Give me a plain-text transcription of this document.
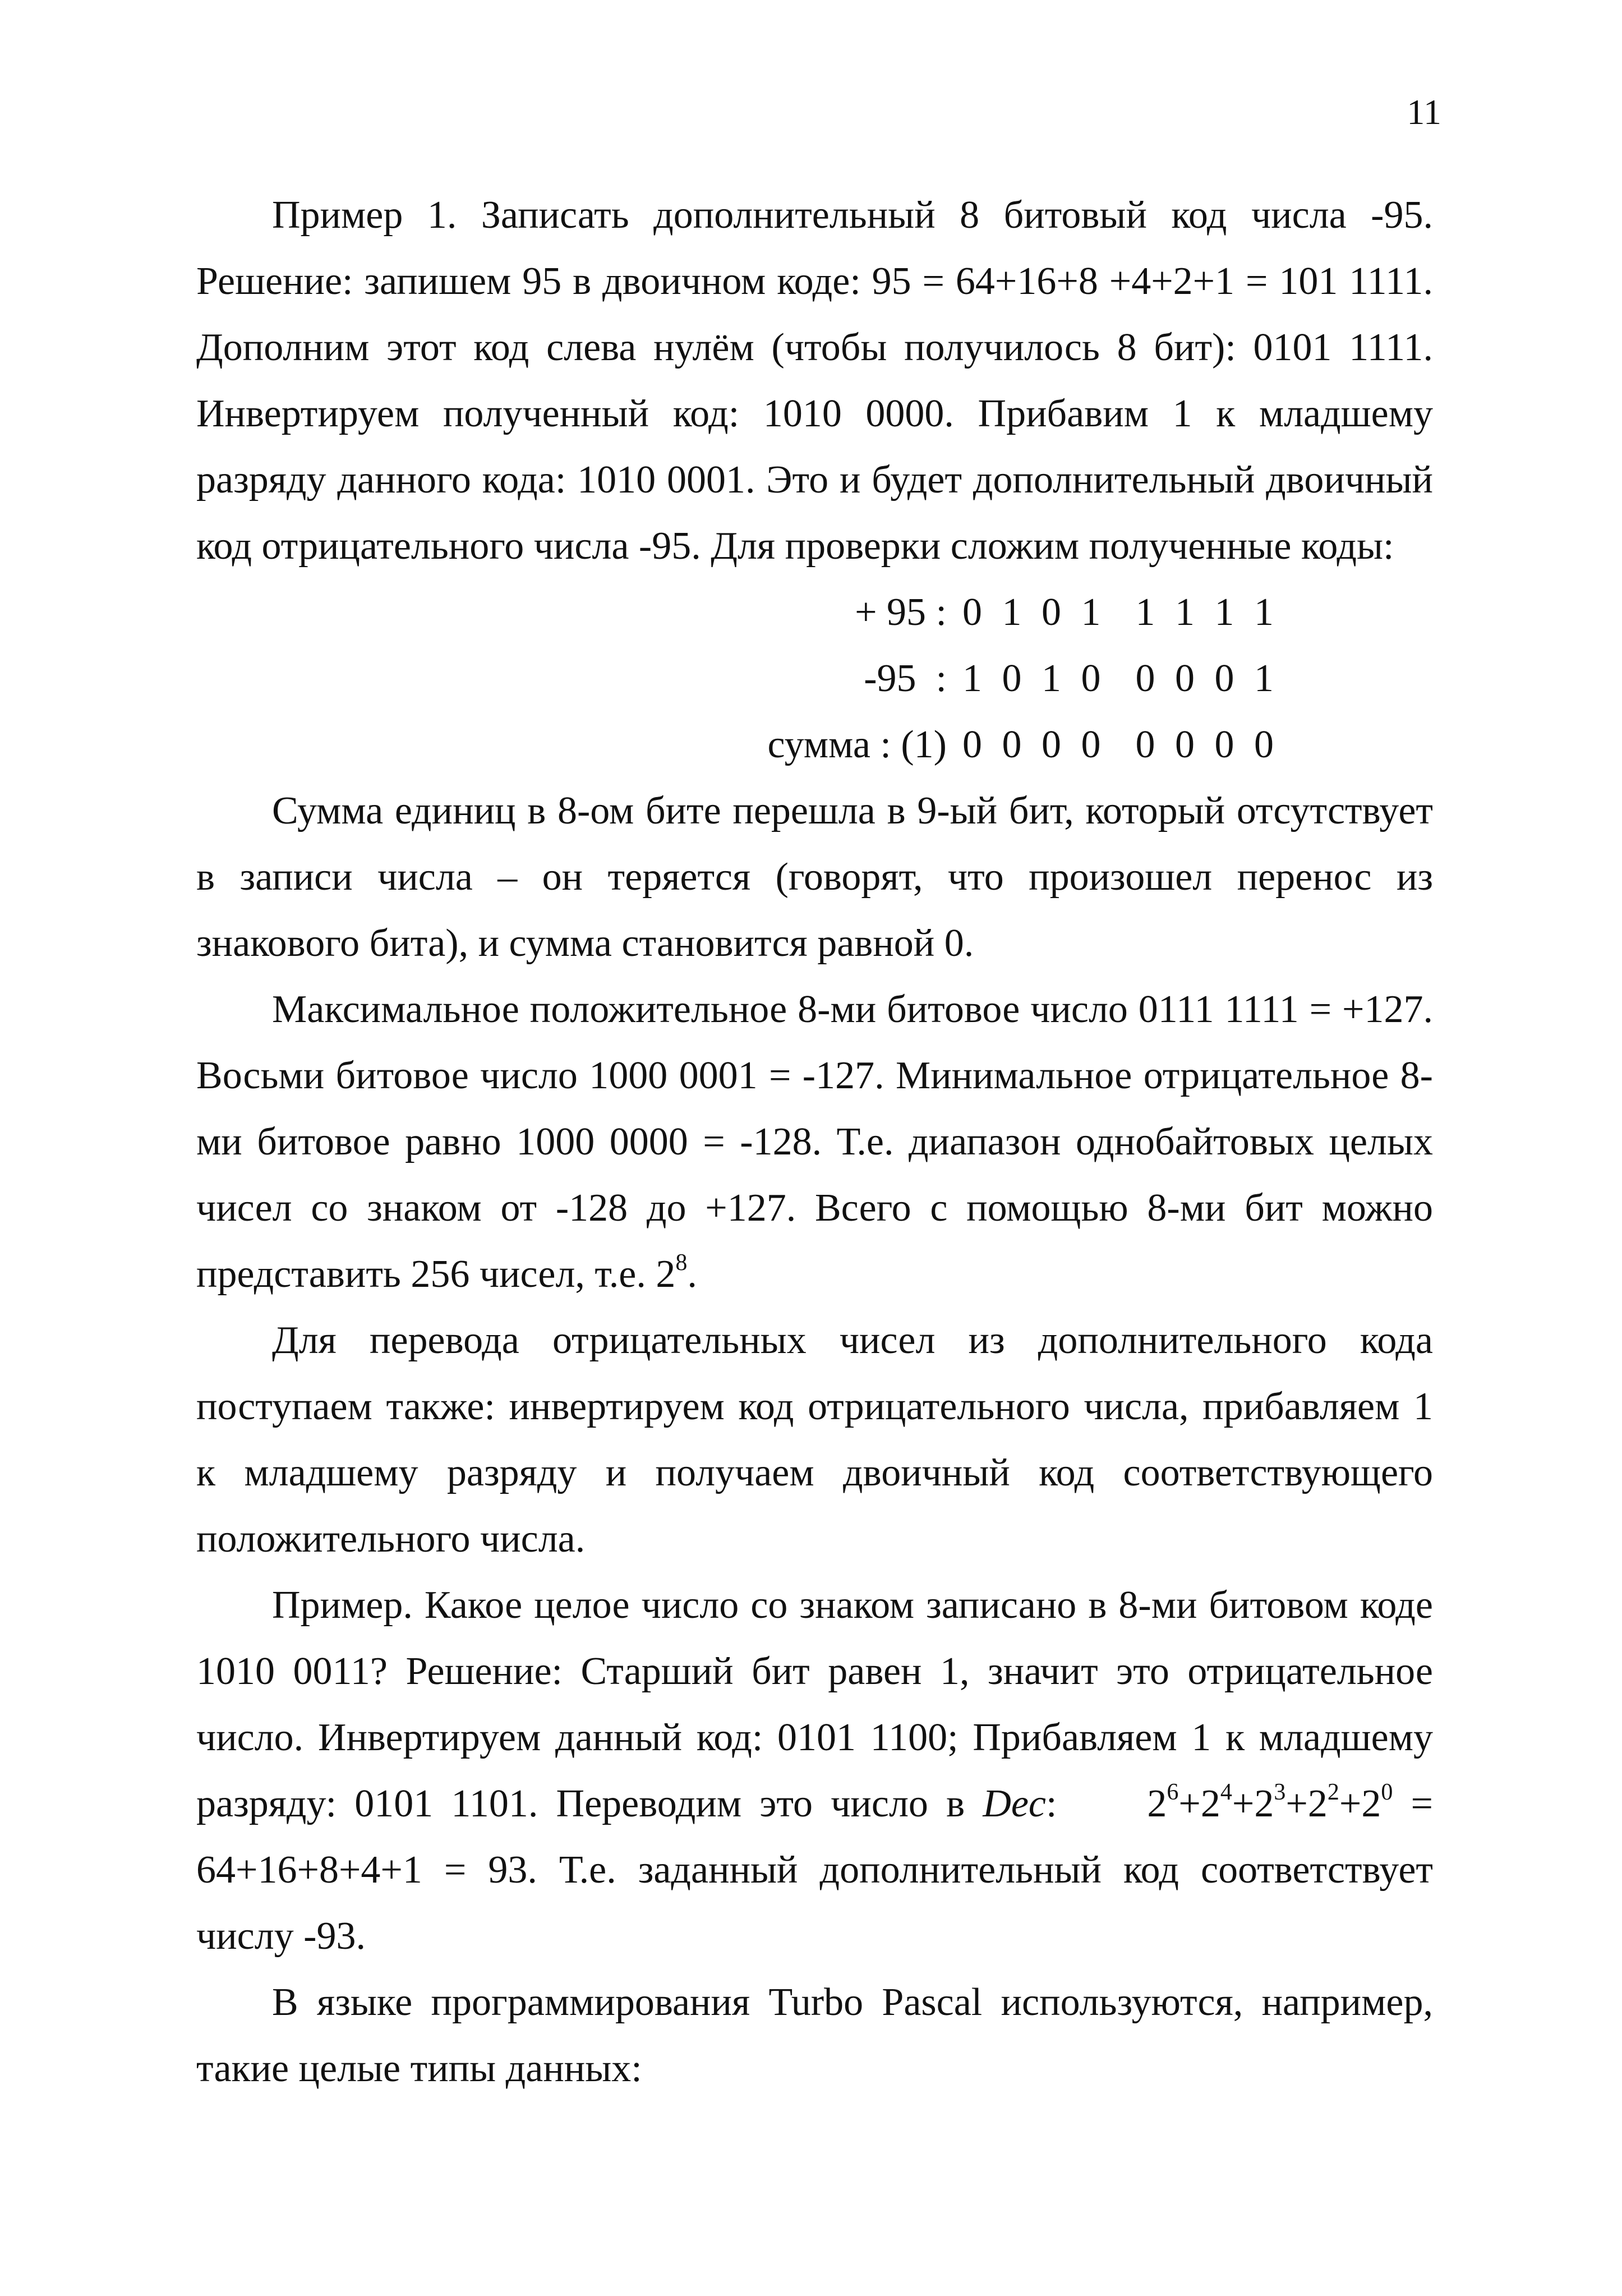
11

Пример 1. Записать дополнительный 8 битовый код числа -95. Решение: запишем 95 в двоичном коде: 95 = 64+16+8 +4+2+1 = 101 1111. Дополним этот код слева нулём (чтобы получилось 8 бит): 0101 1111. Инвертируем полученный код: 1010 0000. Прибавим 1 к младшему разряду данного кода: 1010 0001. Это и будет дополнительный двоичный код отрицательного числа -95. Для проверки сложим полученные коды:

+ 95 : 0 1 0 1  1 1 1 1
-95  : 1 0 1 0  0 0 0 1
сумма : (1) 0 0 0 0  0 0 0 0

Сумма единиц в 8-ом бите перешла в 9-ый бит, который отсутствует в записи числа – он теряется (говорят, что произошел перенос из знакового бита), и сумма становится равной 0.

Максимальное положительное 8-ми битовое число 0111 1111 = +127. Восьми битовое число 1000 0001 = -127. Минимальное отрицательное 8-ми битовое равно 1000 0000 = -128. Т.е. диапазон однобайтовых целых чисел со знаком от -128 до +127. Всего с помощью 8-ми бит можно представить 256 чисел, т.е. $2^8$.

Для перевода отрицательных чисел из дополнительного кода поступаем также: инвертируем код отрицательного числа, прибавляем 1 к младшему разряду и получаем двоичный код соответствующего положительного числа.

Пример. Какое целое число со знаком записано в 8-ми битовом коде 1010 0011? Решение: Старший бит равен 1, значит это отрицательное число. Инвертируем данный код: 0101 1100; Прибавляем 1 к младшему разряду: 0101 1101. Переводим это число в Dec: $2^6+2^4+2^3+2^2+2^0 = 64+16+8+4+1 = 93$. Т.е. заданный дополнительный код соответствует числу -93.

В языке программирования Turbo Pascal используются, например, такие целые типы данных:
